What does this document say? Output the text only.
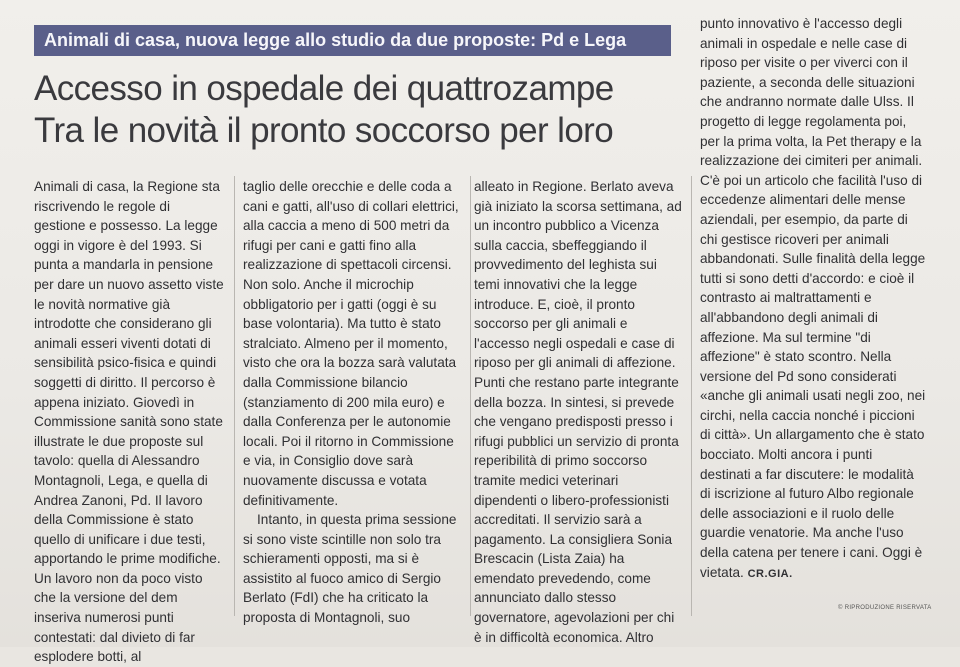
Animali di casa, nuova legge allo studio da due proposte: Pd e Lega
Accesso in ospedale dei quattrozampe
Tra le novità il pronto soccorso per loro

Animali di casa, la Regione sta riscrivendo le regole di gestione e possesso. La legge oggi in vigore è del 1993. Si punta a mandarla in pensione per dare un nuovo assetto viste le novità normative già introdotte che considerano gli animali esseri viventi dotati di sensibilità psico-fisica e quindi soggetti di diritto. Il percorso è appena iniziato. Giovedì in Commissione sanità sono state illustrate le due proposte sul tavolo: quella di Alessandro Montagnoli, Lega, e quella di Andrea Zanoni, Pd. Il lavoro della Commissione è stato quello di unificare i due testi, apportando le prime modifiche. Un lavoro non da poco visto che la versione del dem inseriva numerosi punti contestati: dal divieto di far esplodere botti, al

taglio delle orecchie e delle coda a cani e gatti, all'uso di collari elettrici, alla caccia a meno di 500 metri da rifugi per cani e gatti fino alla realizzazione di spettacoli circensi. Non solo. Anche il microchip obbligatorio per i gatti (oggi è su base volontaria). Ma tutto è stato stralciato. Almeno per il momento, visto che ora la bozza sarà valutata dalla Commissione bilancio (stanziamento di 200 mila euro) e dalla Conferenza per le autonomie locali. Poi il ritorno in Commissione e via, in Consiglio dove sarà nuovamente discussa e votata definitivamente.

Intanto, in questa prima sessione si sono viste scintille non solo tra schieramenti opposti, ma si è assistito al fuoco amico di Sergio Berlato (FdI) che ha criticato la proposta di Montagnoli, suo

alleato in Regione. Berlato aveva già iniziato la scorsa settimana, ad un incontro pubblico a Vicenza sulla caccia, sbeffeggiando il provvedimento del leghista sui temi innovativi che la legge introduce. E, cioè, il pronto soccorso per gli animali e l'accesso negli ospedali e case di riposo per gli animali di affezione. Punti che restano parte integrante della bozza. In sintesi, si prevede che vengano predisposti presso i rifugi pubblici un servizio di pronta reperibilità di primo soccorso tramite medici veterinari dipendenti o libero-professionisti accreditati. Il servizio sarà a pagamento. La consigliera Sonia Brescacin (Lista Zaia) ha emendato prevedendo, come annunciato dallo stesso governatore, agevolazioni per chi è in difficoltà economica. Altro

punto innovativo è l'accesso degli animali in ospedale e nelle case di riposo per visite o per viverci con il paziente, a seconda delle situazioni che andranno normate dalle Ulss. Il progetto di legge regolamenta poi, per la prima volta, la Pet therapy e la realizzazione dei cimiteri per animali. C'è poi un articolo che facilità l'uso di eccedenze alimentari delle mense aziendali, per esempio, da parte di chi gestisce ricoveri per animali abbandonati. Sulle finalità della legge tutti si sono detti d'accordo: e cioè il contrasto ai maltrattamenti e all'abbandono degli animali di affezione. Ma sul termine "di affezione" è stato scontro. Nella versione del Pd sono considerati «anche gli animali usati negli zoo, nei circhi, nella caccia nonché i piccioni di città». Un allargamento che è stato bocciato. Molti ancora i punti destinati a far discutere: le modalità di iscrizione al futuro Albo regionale delle associazioni e il ruolo delle guardie venatorie. Ma anche l'uso della catena per tenere i cani. Oggi è vietata. CR.GIA.

© RIPRODUZIONE RISERVATA
